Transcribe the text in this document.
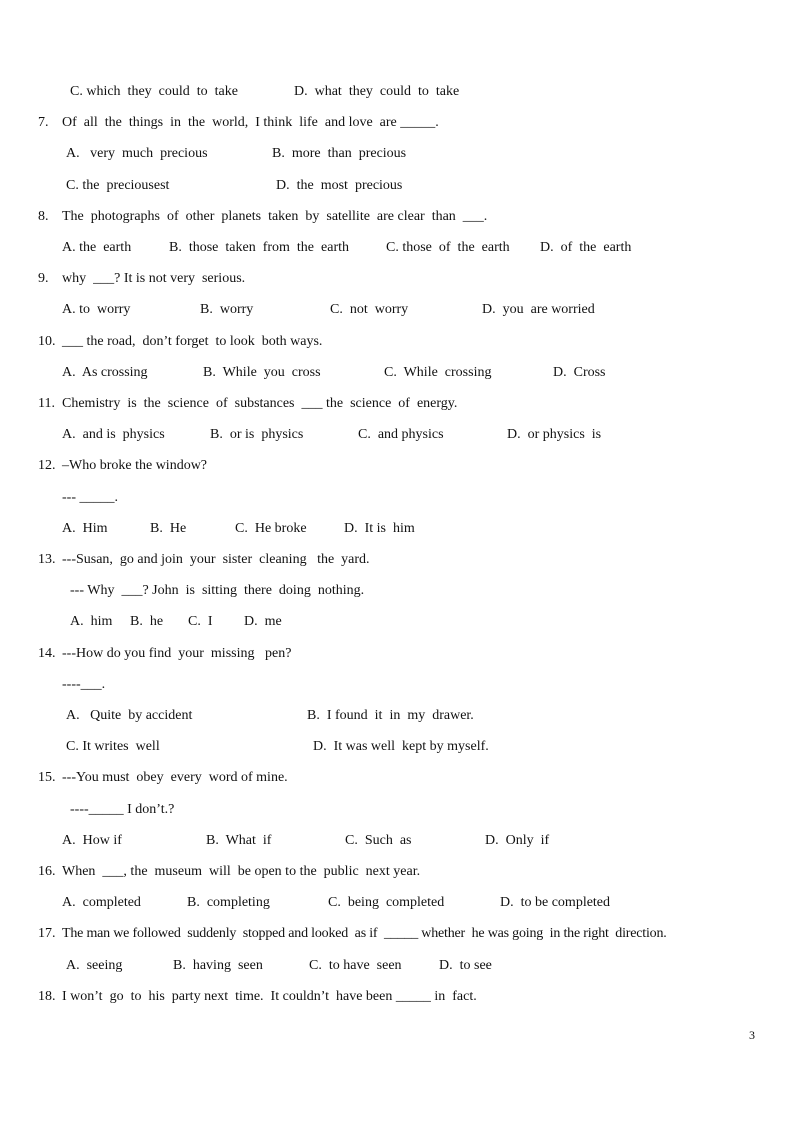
C. which  they  could  to  take	D.  what  they  could  to  take
7. Of  all  the  things  in  the  world,  I think  life  and love  are _____.
A.   very  much  precious	B.  more  than  precious
C. the  preciousest	D.  the  most  precious
8. The  photographs  of  other  planets  taken  by  satellite  are clear  than  ___.
A. the  earth	B.  those  taken  from  the  earth	C. those  of  the  earth D.  of  the  earth
9. why  ___? It is not very  serious.
A. to  worry	B.  worry	C.  not  worry	D.  you  are worried
10. ___ the road,  don’t forget  to look  both ways.
A.  As crossing	B.  While  you  cross	C.  While  crossing	D.  Cross
11. Chemistry  is  the  science  of  substances  ___ the  science  of  energy.
A.  and is  physics	B.  or is  physics	C.  and physics	D.  or physics  is
12. –Who broke the window?
--- _____.
A.  Him	B.  He	C.  He broke	D.  It is  him
13. ---Susan,  go and join  your  sister  cleaning   the  yard.
--- Why  ___? John  is  sitting  there  doing  nothing.
A.  him B.  he C.  I D.  me
14. ---How do you find  your  missing   pen?
----___.
A.   Quite  by accident	B.  I found  it  in  my  drawer.
C. It writes  well	D.  It was well  kept by myself.
15. ---You must  obey  every  word of mine.
----_____ I don’t.?
A.  How if	B.  What  if	C.  Such  as	D.  Only  if
16. When  ___, the  museum  will  be open to the  public  next year.
A.  completed	B.  completing	C.  being  completed	D.  to be completed
17. The man we followed  suddenly  stopped and looked  as if  _____ whether  he was going  in the right  direction.
A.  seeing	B.  having  seen	C.  to have  seen	D.  to see
18. I won’t  go  to  his  party next  time.  It couldn’t  have been _____ in  fact.
3
